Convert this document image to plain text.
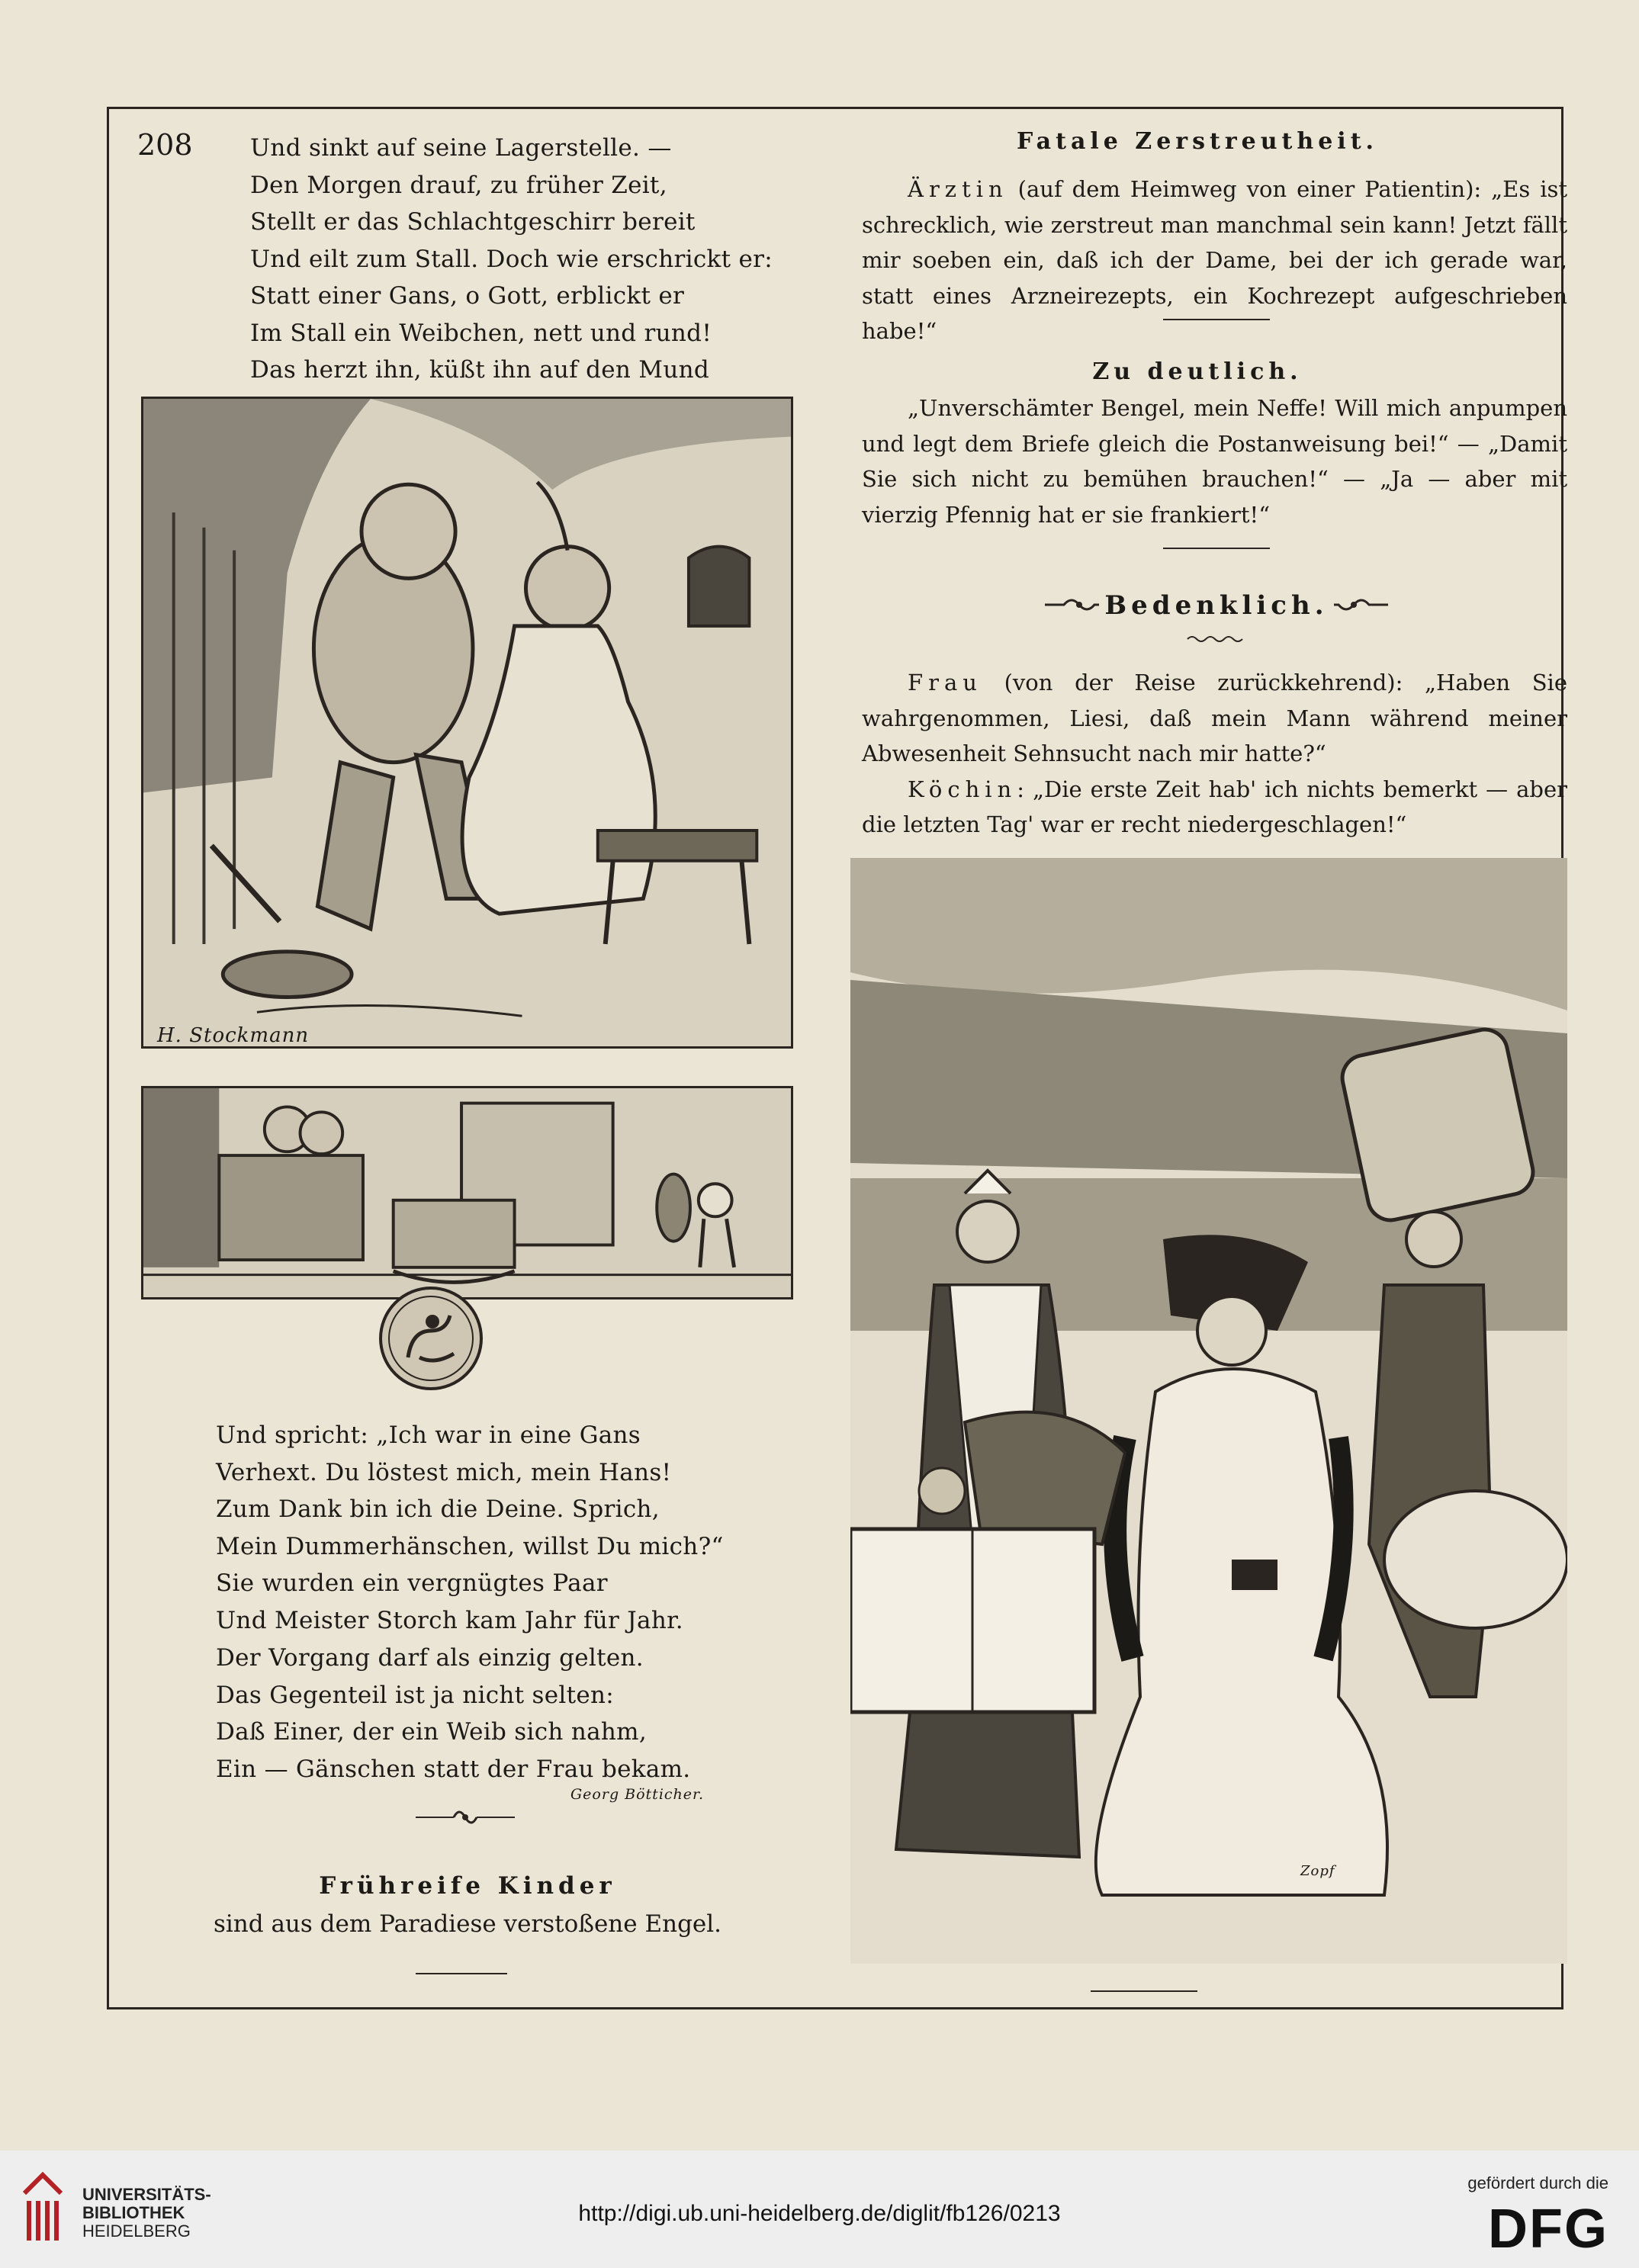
208 Und sinkt auf seine Lagerstelle. —
Den Morgen drauf, zu früher Zeit,
Stellt er das Schlachtgeschirr bereit
Und eilt zum Stall. Doch wie erschrickt er:
Statt einer Gans, o Gott, erblickt er
Im Stall ein Weibchen, nett und rund!
Das herzt ihn, küßt ihn auf den Mund
H. Stockmann
Und spricht: „Ich war in eine Gans
Verhext. Du löstest mich, mein Hans!
Zum Dank bin ich die Deine. Sprich,
Mein Dummerhänschen, willst Du mich?“
Sie wurden ein vergnügtes Paar
Und Meister Storch kam Jahr für Jahr.
Der Vorgang darf als einzig gelten.
Das Gegenteil ist ja nicht selten:
Daß Einer, der ein Weib sich nahm,
Ein — Gänschen statt der Frau bekam.
Georg Bötticher.
Frühreife Kinder
sind aus dem Paradiese verstoßene Engel.
Fatale Zerstreutheit.

Ärztin (auf dem Heimweg von einer Patientin): „Es ist schrecklich, wie zerstreut man manchmal sein kann! Jetzt fällt mir soeben ein, daß ich der Dame, bei der ich gerade war, statt eines Arzneirezepts, ein Kochrezept aufgeschrieben habe!“

Zu deutlich.

„Unverschämter Bengel, mein Neffe! Will mich anpumpen und legt dem Briefe gleich die Postanweisung bei!“ — „Damit Sie sich nicht zu bemühen brauchen!“ — „Ja — aber mit vierzig Pfennig hat er sie frankiert!“

Bedenklich.

Frau (von der Reise zurückkehrend): „Haben Sie wahrgenommen, Liesi, daß mein Mann während meiner Abwesenheit Sehnsucht nach mir hatte?“

Köchin: „Die erste Zeit hab' ich nichts bemerkt — aber die letzten Tag' war er recht niedergeschlagen!“

Zopf
UNIVERSITÄTS-
BIBLIOTHEK
HEIDELBERG
http://digi.ub.uni-heidelberg.de/diglit/fb126/0213
gefördert durch die
DFG
